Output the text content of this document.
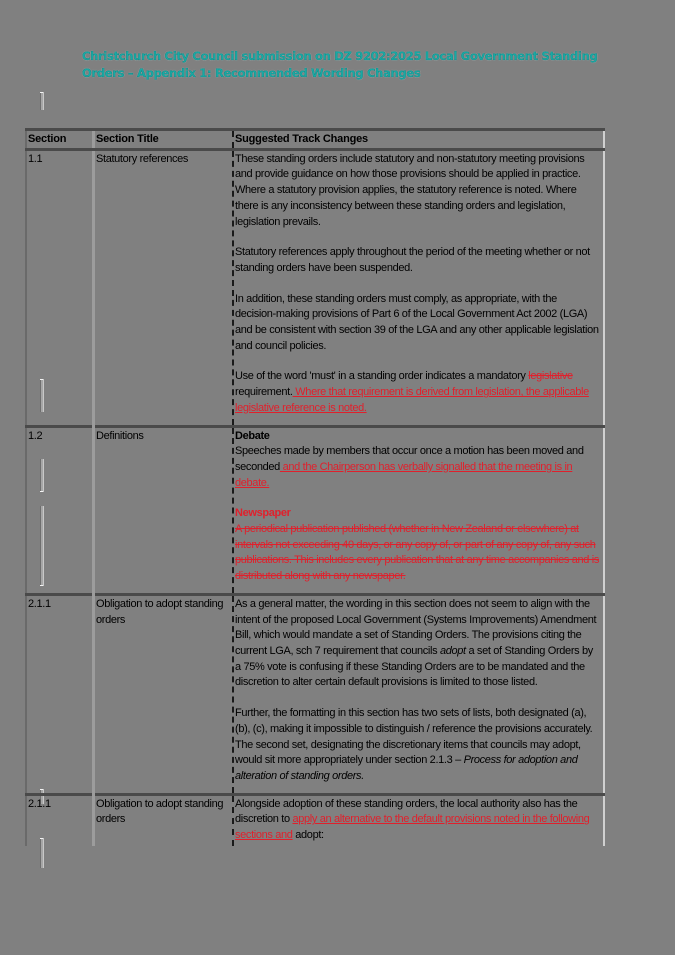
Christchurch City Council submission on DZ 9202:2025 Local Government Standing
Orders – Appendix 1: Recommended Wording Changes
Section	Section Title	Suggested Track Changes
1.1	Statutory references	These standing orders include statutory and non-statutory meeting provisions and provide guidance on how those provisions should be applied in practice. Where a statutory provision applies, the statutory reference is noted. Where there is any inconsistency between these standing orders and legislation, legislation prevails.

Statutory references apply throughout the period of the meeting whether or not standing orders have been suspended.

In addition, these standing orders must comply, as appropriate, with the decision-making provisions of Part 6 of the Local Government Act 2002 (LGA) and be consistent with section 39 of the LGA and any other applicable legislation and council policies.

Use of the word 'must' in a standing order indicates a mandatory legislative requirement. Where that requirement is derived from legislation, the applicable legislative reference is noted.

1.2	Definitions	Debate
Speeches made by members that occur once a motion has been moved and seconded and the Chairperson has verbally signalled that the meeting is in debate.

Newspaper
A periodical publication published (whether in New Zealand or elsewhere) at intervals not exceeding 40 days, or any copy of, or part of any copy of, any such publications. This includes every publication that at any time accompanies and is distributed along with any newspaper.

2.1.1	Obligation to adopt standing orders	As a general matter, the wording in this section does not seem to align with the intent of the proposed Local Government (Systems Improvements) Amendment Bill, which would mandate a set of Standing Orders. The provisions citing the current LGA, sch 7 requirement that councils adopt a set of Standing Orders by a 75% vote is confusing if these Standing Orders are to be mandated and the discretion to alter certain default provisions is limited to those listed.

Further, the formatting in this section has two sets of lists, both designated (a), (b), (c), making it impossible to distinguish / reference the provisions accurately. The second set, designating the discretionary items that councils may adopt, would sit more appropriately under section 2.1.3 – Process for adoption and alteration of standing orders.

2.1.1	Obligation to adopt standing orders	Alongside adoption of these standing orders, the local authority also has the discretion to apply an alternative to the default provisions noted in the following sections and adopt:
